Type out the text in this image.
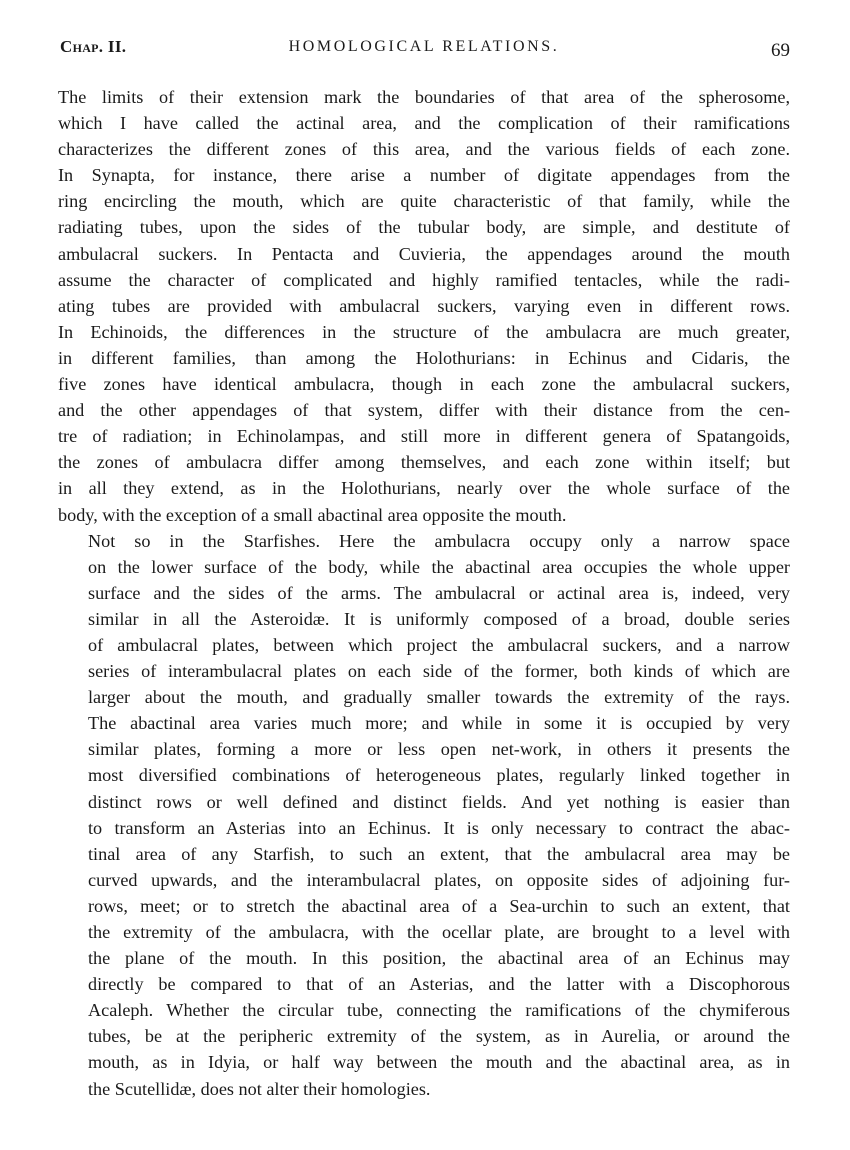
Chap. II.	HOMOLOGICAL RELATIONS.	69

The limits of their extension mark the boundaries of that area of the spherosome,
which I have called the actinal area, and the complication of their ramifications
characterizes the different zones of this area, and the various fields of each zone.
In Synapta, for instance, there arise a number of digitate appendages from the
ring encircling the mouth, which are quite characteristic of that family, while the
radiating tubes, upon the sides of the tubular body, are simple, and destitute of
ambulacral suckers. In Pentacta and Cuvieria, the appendages around the mouth
assume the character of complicated and highly ramified tentacles, while the radi-
ating tubes are provided with ambulacral suckers, varying even in different rows.
In Echinoids, the differences in the structure of the ambulacra are much greater,
in different families, than among the Holothurians: in Echinus and Cidaris, the
five zones have identical ambulacra, though in each zone the ambulacral suckers,
and the other appendages of that system, differ with their distance from the cen-
tre of radiation; in Echinolampas, and still more in different genera of Spatangoids,
the zones of ambulacra differ among themselves, and each zone within itself; but
in all they extend, as in the Holothurians, nearly over the whole surface of the
body, with the exception of a small abactinal area opposite the mouth.

Not so in the Starfishes. Here the ambulacra occupy only a narrow space
on the lower surface of the body, while the abactinal area occupies the whole upper
surface and the sides of the arms. The ambulacral or actinal area is, indeed, very
similar in all the Asteroidæ. It is uniformly composed of a broad, double series
of ambulacral plates, between which project the ambulacral suckers, and a narrow
series of interambulacral plates on each side of the former, both kinds of which are
larger about the mouth, and gradually smaller towards the extremity of the rays.
The abactinal area varies much more; and while in some it is occupied by very
similar plates, forming a more or less open net-work, in others it presents the
most diversified combinations of heterogeneous plates, regularly linked together in
distinct rows or well defined and distinct fields. And yet nothing is easier than
to transform an Asterias into an Echinus. It is only necessary to contract the abac-
tinal area of any Starfish, to such an extent, that the ambulacral area may be
curved upwards, and the interambulacral plates, on opposite sides of adjoining fur-
rows, meet; or to stretch the abactinal area of a Sea-urchin to such an extent, that
the extremity of the ambulacra, with the ocellar plate, are brought to a level with
the plane of the mouth. In this position, the abactinal area of an Echinus may
directly be compared to that of an Asterias, and the latter with a Discophorous
Acaleph. Whether the circular tube, connecting the ramifications of the chymiferous
tubes, be at the peripheric extremity of the system, as in Aurelia, or around the
mouth, as in Idyia, or half way between the mouth and the abactinal area, as in
the Scutellidæ, does not alter their homologies.
